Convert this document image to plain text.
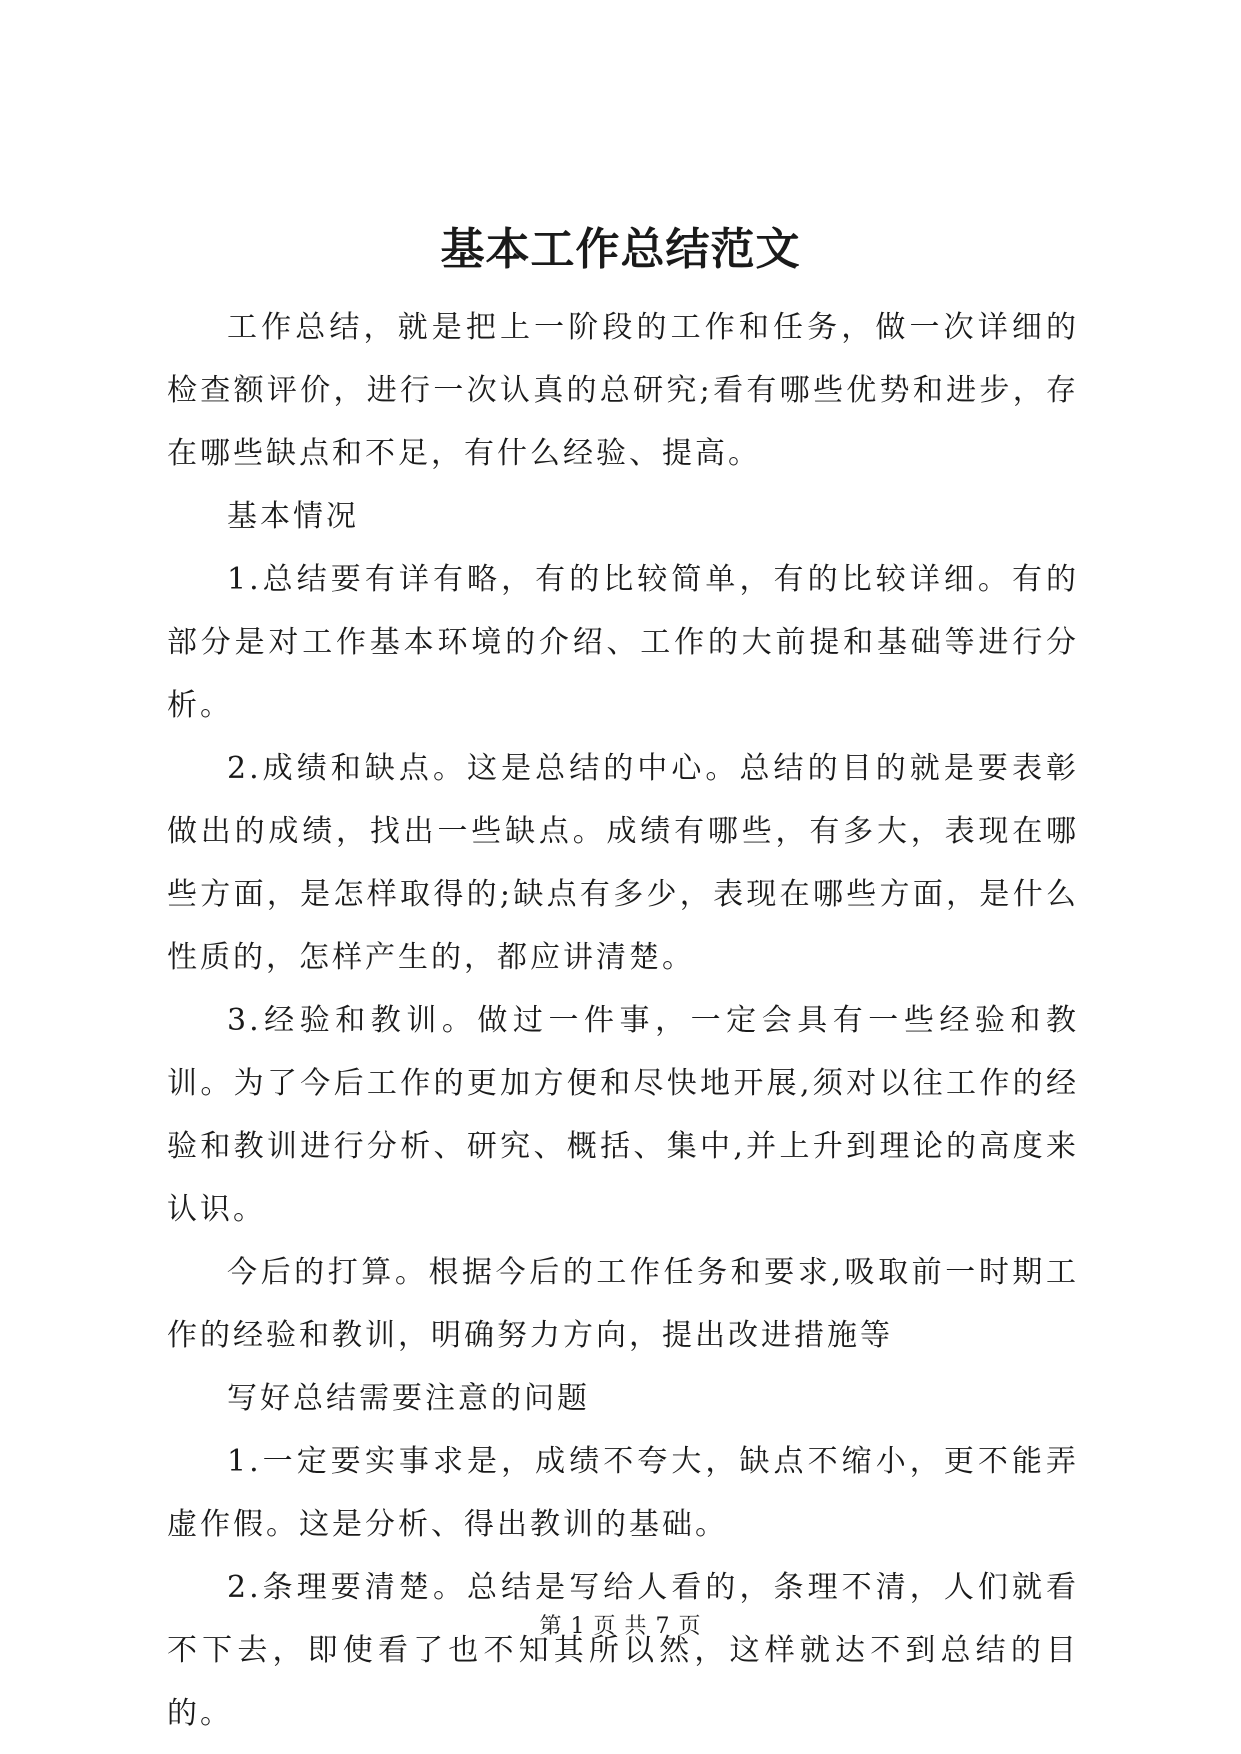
基本工作总结范文

工作总结，就是把上一阶段的工作和任务，做一次详细的检查额评价，进行一次认真的总研究;看有哪些优势和进步，存在哪些缺点和不足，有什么经验、提高。

基本情况

1.总结要有详有略，有的比较简单，有的比较详细。有的部分是对工作基本环境的介绍、工作的大前提和基础等进行分析。

2.成绩和缺点。这是总结的中心。总结的目的就是要表彰做出的成绩，找出一些缺点。成绩有哪些，有多大，表现在哪些方面，是怎样取得的;缺点有多少，表现在哪些方面，是什么性质的，怎样产生的，都应讲清楚。

3.经验和教训。做过一件事，一定会具有一些经验和教训。为了今后工作的更加方便和尽快地开展,须对以往工作的经验和教训进行分析、研究、概括、集中,并上升到理论的高度来认识。

今后的打算。根据今后的工作任务和要求,吸取前一时期工作的经验和教训，明确努力方向，提出改进措施等

写好总结需要注意的问题

1.一定要实事求是，成绩不夸大，缺点不缩小，更不能弄虚作假。这是分析、得出教训的基础。

2.条理要清楚。总结是写给人看的，条理不清，人们就看不下去，即使看了也不知其所以然，这样就达不到总结的目的。

第 1 页 共 7 页
